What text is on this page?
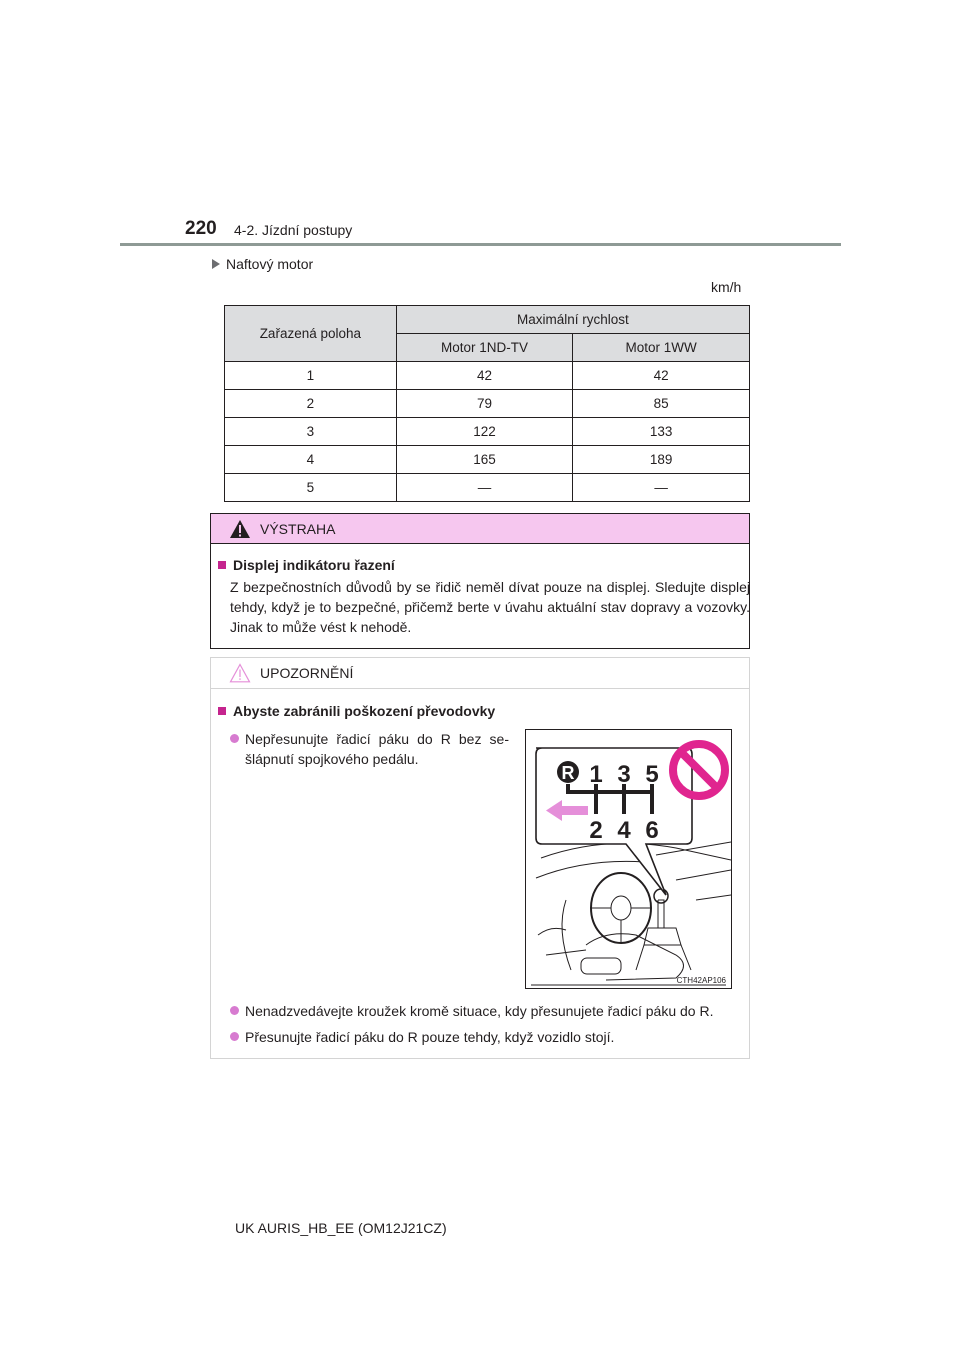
220 4-2. Jízdní postupy
Naftový motor
km/h
Zařazená poloha	Maximální rychlost	
	Motor 1ND-TV	Motor 1WW
1	42	42
2	79	85
3	122	133
4	165	189
5	—	—
VÝSTRAHA
Displej indikátoru řazení
Z bezpečnostních důvodů by se řidič neměl dívat pouze na displej. Sledujte displej tehdy, když je to bezpečné, přičemž berte v úvahu aktuální stav dopravy a vozovky. Jinak to může vést k nehodě.
UPOZORNĚNÍ
Abyste zabránili poškození převodovky
Nepřesunujte řadicí páku do R bez sešlápnutí spojkového pedálu.
Nenadzvedávejte kroužek kromě situace, kdy přesunujete řadicí páku do R.
Přesunujte řadicí páku do R pouze tehdy, když vozidlo stojí.
R 1 3 5
2 4 6
CTH42AP106
UK AURIS_HB_EE (OM12J21CZ)
